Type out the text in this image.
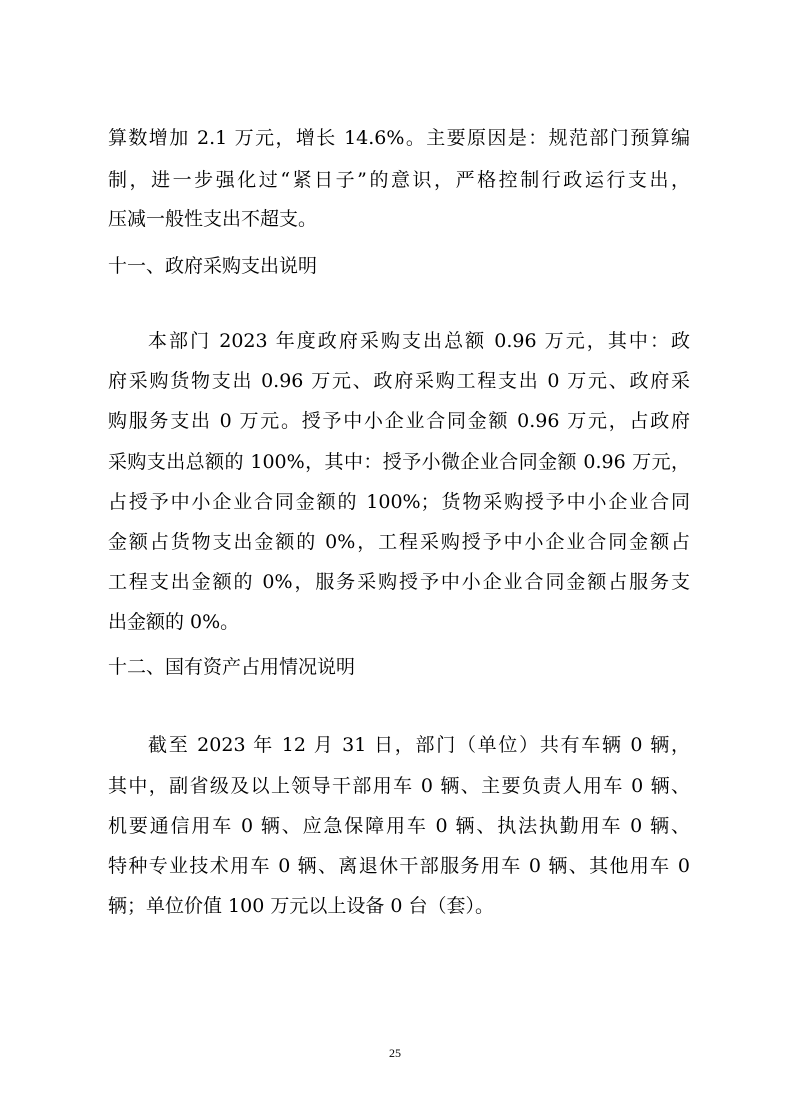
算数增加 2.1 万元，增长 14.6%。主要原因是：规范部门预算编
制，进一步强化过“紧日子”的意识，严格控制行政运行支出，
压减一般性支出不超支。
十一、政府采购支出说明
本部门 2023 年度政府采购支出总额 0.96 万元，其中：政
府采购货物支出 0.96 万元、政府采购工程支出 0 万元、政府采
购服务支出 0 万元。授予中小企业合同金额 0.96 万元，占政府
采购支出总额的 100%，其中：授予小微企业合同金额 0.96 万元，
占授予中小企业合同金额的 100%；货物采购授予中小企业合同
金额占货物支出金额的 0%，工程采购授予中小企业合同金额占
工程支出金额的 0%，服务采购授予中小企业合同金额占服务支
出金额的 0%。
十二、国有资产占用情况说明
截至 2023 年 12 月 31 日，部门（单位）共有车辆 0 辆，
其中，副省级及以上领导干部用车 0 辆、主要负责人用车 0 辆、
机要通信用车 0 辆、应急保障用车 0 辆、执法执勤用车 0 辆、
特种专业技术用车 0 辆、离退休干部服务用车 0 辆、其他用车 0
辆；单位价值 100 万元以上设备 0 台（套）。
25
